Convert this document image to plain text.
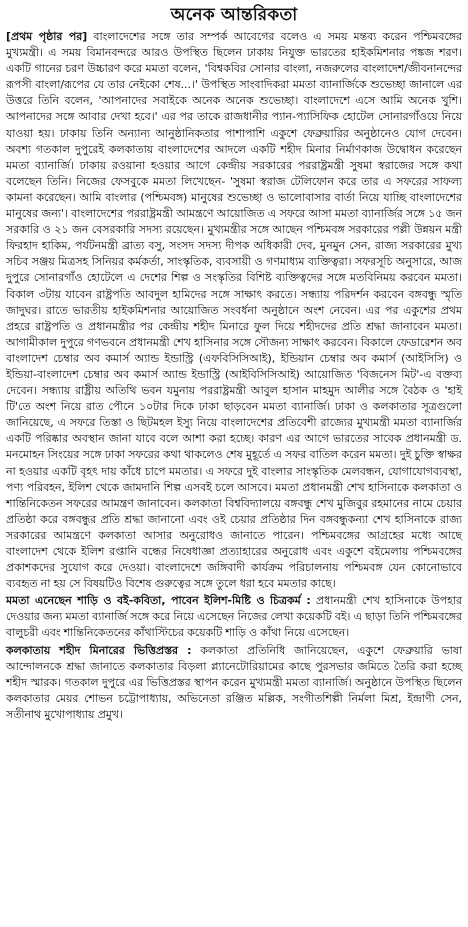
অনেক আন্তরিকতা

[প্রথম পৃষ্ঠার পর] বাংলাদেশের সঙ্গে তার সম্পর্ক আবেগের বলেও এ সময় মন্তব্য করেন পশ্চিমবঙ্গের মুখ্যমন্ত্রী। এ সময় বিমানবন্দরে আরও উপস্থিত ছিলেন ঢাকায় নিযুক্ত ভারতের হাইকমিশনার পঙ্কজ শরণ। একটি গানের চরণ উচ্চারণ করে মমতা বলেন, 'বিশ্বকবির সোনার বাংলা, নজরুলের বাংলাদেশ/জীবনানন্দের রূপসী বাংলা/রূপের যে তার নেইকো শেষ...।' উপস্থিত সাংবাদিকরা মমতা ব্যানার্জিকে শুভেচ্ছা জানালে এর উত্তরে তিনি বলেন, 'আপনাদের সবাইকে অনেক অনেক শুভেচ্ছা। বাংলাদেশে এসে আমি অনেক খুশি। আপনাদের সঙ্গে আবার দেখা হবে।' এর পর তাকে রাজধানীর প্যান-প্যাসিফিক হোটেল সোনারগাঁওয়ে নিয়ে যাওয়া হয়। ঢাকায় তিনি অন্যান্য আনুষ্ঠানিকতার পাশাপাশি একুশে ফেব্রুয়ারির অনুষ্ঠানেও যোগ দেবেন। অবশ্য গতকাল দুপুরেই কলকাতায় বাংলাদেশের আদলে একটি শহীদ মিনার নির্মাণকাজ উদ্বোধন করেছেন মমতা ব্যানার্জি। ঢাকায় রওয়ানা হওয়ার আগে কেন্দ্রীয় সরকারের পররাষ্ট্রমন্ত্রী সুষমা স্বরাজের সঙ্গে কথা বলেছেন তিনি। নিজের ফেসবুকে মমতা লিখেছেন- 'সুষমা স্বরাজ টেলিফোন করে তার এ সফরের সাফল্য কামনা করেছেন। আমি বাংলার (পশ্চিমবঙ্গ) মানুষের শুভেচ্ছা ও ভালোবাসার বার্তা নিয়ে যাচ্ছি বাংলাদেশের মানুষের জন্য'। বাংলাদেশের পররাষ্ট্রমন্ত্রী আমন্ত্রণে আয়োজিত এ সফরে আসা মমতা ব্যানার্জির সঙ্গে ১৫ জন সরকারি ও ২১ জন বেসরকারি সদস্য রয়েছেন। মুখ্যমন্ত্রীর সঙ্গে আছেন পশ্চিমবঙ্গ সরকারের পল্লী উন্নয়ন মন্ত্রী ফিরহাদ হাকিম, পর্যটনমন্ত্রী ব্রাত্য বসু, সংসদ সদস্য দীপক অধিকারী দেব, মুনমুন সেন, রাজ্য সরকারের মুখ্য সচিব সঞ্জয় মিত্রসহ সিনিয়র কর্মকর্তা, সাংস্কৃতিক, ব্যবসায়ী ও গণমাধ্যম ব্যক্তিত্বরা। সফরসূচি অনুসারে, আজ দুপুরে সোনারগাঁও হোটেলে এ দেশের শিল্প ও সংস্কৃতির বিশিষ্ট ব্যক্তিত্বদের সঙ্গে মতবিনিময় করবেন মমতা। বিকাল ৩টায় যাবেন রাষ্ট্রপতি আবদুল হামিদের সঙ্গে সাক্ষাৎ করতে। সন্ধ্যায় পরিদর্শন করবেন বঙ্গবন্ধু স্মৃতি জাদুঘর। রাতে ভারতীয় হাইকমিশনার আয়োজিত সংবর্ধনা অনুষ্ঠানে অংশ নেবেন। এর পর একুশের প্রথম প্রহরে রাষ্ট্রপতি ও প্রধানমন্ত্রীর পর কেন্দ্রীয় শহীদ মিনারে ফুল দিয়ে শহীদদের প্রতি শ্রদ্ধা জানাবেন মমতা। আগামীকাল দুপুরে গণভবনে প্রধানমন্ত্রী শেখ হাসিনার সঙ্গে সৌজন্য সাক্ষাৎ করবেন। বিকালে ফেডারেশন অব বাংলাদেশ চেম্বার অব কমার্স অ্যান্ড ইন্ডাস্ট্রি (এফবিসিসিআই), ইন্ডিয়ান চেম্বার অব কমার্স (আইসিসি) ও ইন্ডিয়া-বাংলাদেশ চেম্বার অব কমার্স অ্যান্ড ইন্ডাস্ট্রি (আইবিসিসিআই) আয়োজিত 'বিজনেস মিট'-এ বক্তব্য দেবেন। সন্ধ্যায় রাষ্ট্রীয় অতিথি ভবন যমুনায় পররাষ্ট্রমন্ত্রী আবুল হাসান মাহমুদ আলীর সঙ্গে বৈঠক ও 'হাই টি'তে অংশ নিয়ে রাত পৌনে ১০টার দিকে ঢাকা ছাড়বেন মমতা ব্যানার্জি। ঢাকা ও কলকাতার সূত্রগুলো জানিয়েছে, এ সফরে তিস্তা ও ছিটমহল ইস্যু নিয়ে বাংলাদেশের প্রতিবেশী রাজ্যের মুখ্যমন্ত্রী মমতা ব্যানার্জির একটি পরিষ্কার অবস্থান জানা যাবে বলে আশা করা হচ্ছে। কারণ এর আগে ভারতের সাবেক প্রধানমন্ত্রী ড. মনমোহন সিংয়ের সঙ্গে ঢাকা সফরের কথা থাকলেও শেষ মুহূর্তে এ সফর বাতিল করেন মমতা। দুই চুক্তি স্বাক্ষর না হওয়ার একটি বৃহৎ দায় কাঁধে চাপে মমতার। এ সফরে দুই বাংলার সাংস্কৃতিক মেলবন্ধন, যোগাযোগব্যবস্থা, পণ্য পরিবহন, ইলিশ থেকে জামদানি শিল্প এসবই চলে আসবে। মমতা প্রধানমন্ত্রী শেখ হাসিনাকে কলকাতা ও শান্তিনিকেতন সফরের আমন্ত্রণ জানাবেন। কলকাতা বিশ্ববিদ্যালয়ে বঙ্গবন্ধু শেখ মুজিবুর রহমানের নামে চেয়ার প্রতিষ্ঠা করে বঙ্গবন্ধুর প্রতি শ্রদ্ধা জানানো এবং ওই চেয়ার প্রতিষ্ঠার দিন বঙ্গবন্ধুকন্যা শেখ হাসিনাকে রাজ্য সরকারের আমন্ত্রণে কলকাতা আসার অনুরোধও জানাতে পারেন। পশ্চিমবঙ্গের আগ্রহের মধ্যে আছে বাংলাদেশ থেকে ইলিশ রপ্তানি বন্ধের নিষেধাজ্ঞা প্রত্যাহারের অনুরোধ এবং একুশে বইমেলায় পশ্চিমবঙ্গের প্রকাশকদের সুযোগ করে দেওয়া। বাংলাদেশে জঙ্গিবাদী কার্যক্রম পরিচালনায় পশ্চিমবঙ্গ যেন কোনোভাবে ব্যবহৃত না হয় সে বিষয়টিও বিশেষ গুরুত্বের সঙ্গে তুলে ধরা হবে মমতার কাছে।

মমতা এনেছেন শাড়ি ও বই-কবিতা, পাবেন ইলিশ-মিষ্টি ও চিত্রকর্ম : প্রধানমন্ত্রী শেখ হাসিনাকে উপহার দেওয়ার জন্য মমতা ব্যানার্জি সঙ্গে করে নিয়ে এসেছেন নিজের লেখা কয়েকটি বই। এ ছাড়া তিনি পশ্চিমবঙ্গের বালুচরী এবং শান্তিনিকেতনের কাঁথাস্টিচের কয়েকটি শাড়ি ও কাঁথা নিয়ে এসেছেন।

কলকাতায় শহীদ মিনারের ভিত্তিপ্রস্তর : কলকাতা প্রতিনিধি জানিয়েছেন, একুশে ফেব্রুয়ারি ভাষা আন্দোলনকে শ্রদ্ধা জানাতে কলকাতার বিড়লা প্ল্যানেটোরিয়ামের কাছে পুরসভার জমিতে তৈরি করা হচ্ছে শহীদ স্মারক। গতকাল দুপুরে এর ভিত্তিপ্রস্তর স্থাপন করেন মুখ্যমন্ত্রী মমতা ব্যানার্জি। অনুষ্ঠানে উপস্থিত ছিলেন কলকাতার মেয়র শোভন চট্টোপাধ্যায়, অভিনেতা রঞ্জিত মল্লিক, সংগীতশিল্পী নির্মলা মিশ্র, ইন্দ্রাণী সেন, সতীনাথ মুখোপাধ্যায় প্রমুখ।
